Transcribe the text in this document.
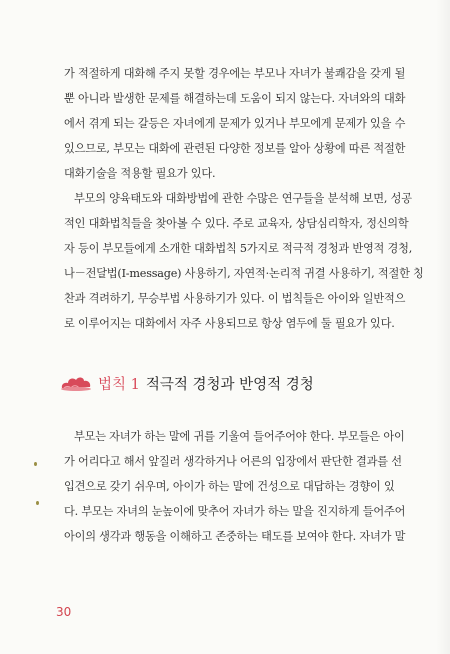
가 적절하게 대화해 주지 못할 경우에는 부모나 자녀가 불쾌감을 갖게 될
뿐 아니라 발생한 문제를 해결하는데 도움이 되지 않는다. 자녀와의 대화
에서 겪게 되는 갈등은 자녀에게 문제가 있거나 부모에게 문제가 있을 수
있으므로, 부모는 대화에 관련된 다양한 정보를 알아 상황에 따른 적절한
대화기술을 적용할 필요가 있다.
부모의 양육태도와 대화방법에 관한 수많은 연구들을 분석해 보면, 성공
적인 대화법칙들을 찾아볼 수 있다. 주로 교육자, 상담심리학자, 정신의학
자 등이 부모들에게 소개한 대화법칙 5가지로 적극적 경청과 반영적 경청,
나－전달법(I-message) 사용하기, 자연적·논리적 귀결 사용하기, 적절한 칭
찬과 격려하기, 무승부법 사용하기가 있다. 이 법칙들은 아이와 일반적으
로 이루어지는 대화에서 자주 사용되므로 항상 염두에 둘 필요가 있다.
법칙 1 적극적 경청과 반영적 경청
부모는 자녀가 하는 말에 귀를 기울여 들어주어야 한다. 부모들은 아이
가 어리다고 해서 앞질러 생각하거나 어른의 입장에서 판단한 결과를 선
입견으로 갖기 쉬우며, 아이가 하는 말에 건성으로 대답하는 경향이 있
다. 부모는 자녀의 눈높이에 맞추어 자녀가 하는 말을 진지하게 들어주어
아이의 생각과 행동을 이해하고 존중하는 태도를 보여야 한다. 자녀가 말
30
